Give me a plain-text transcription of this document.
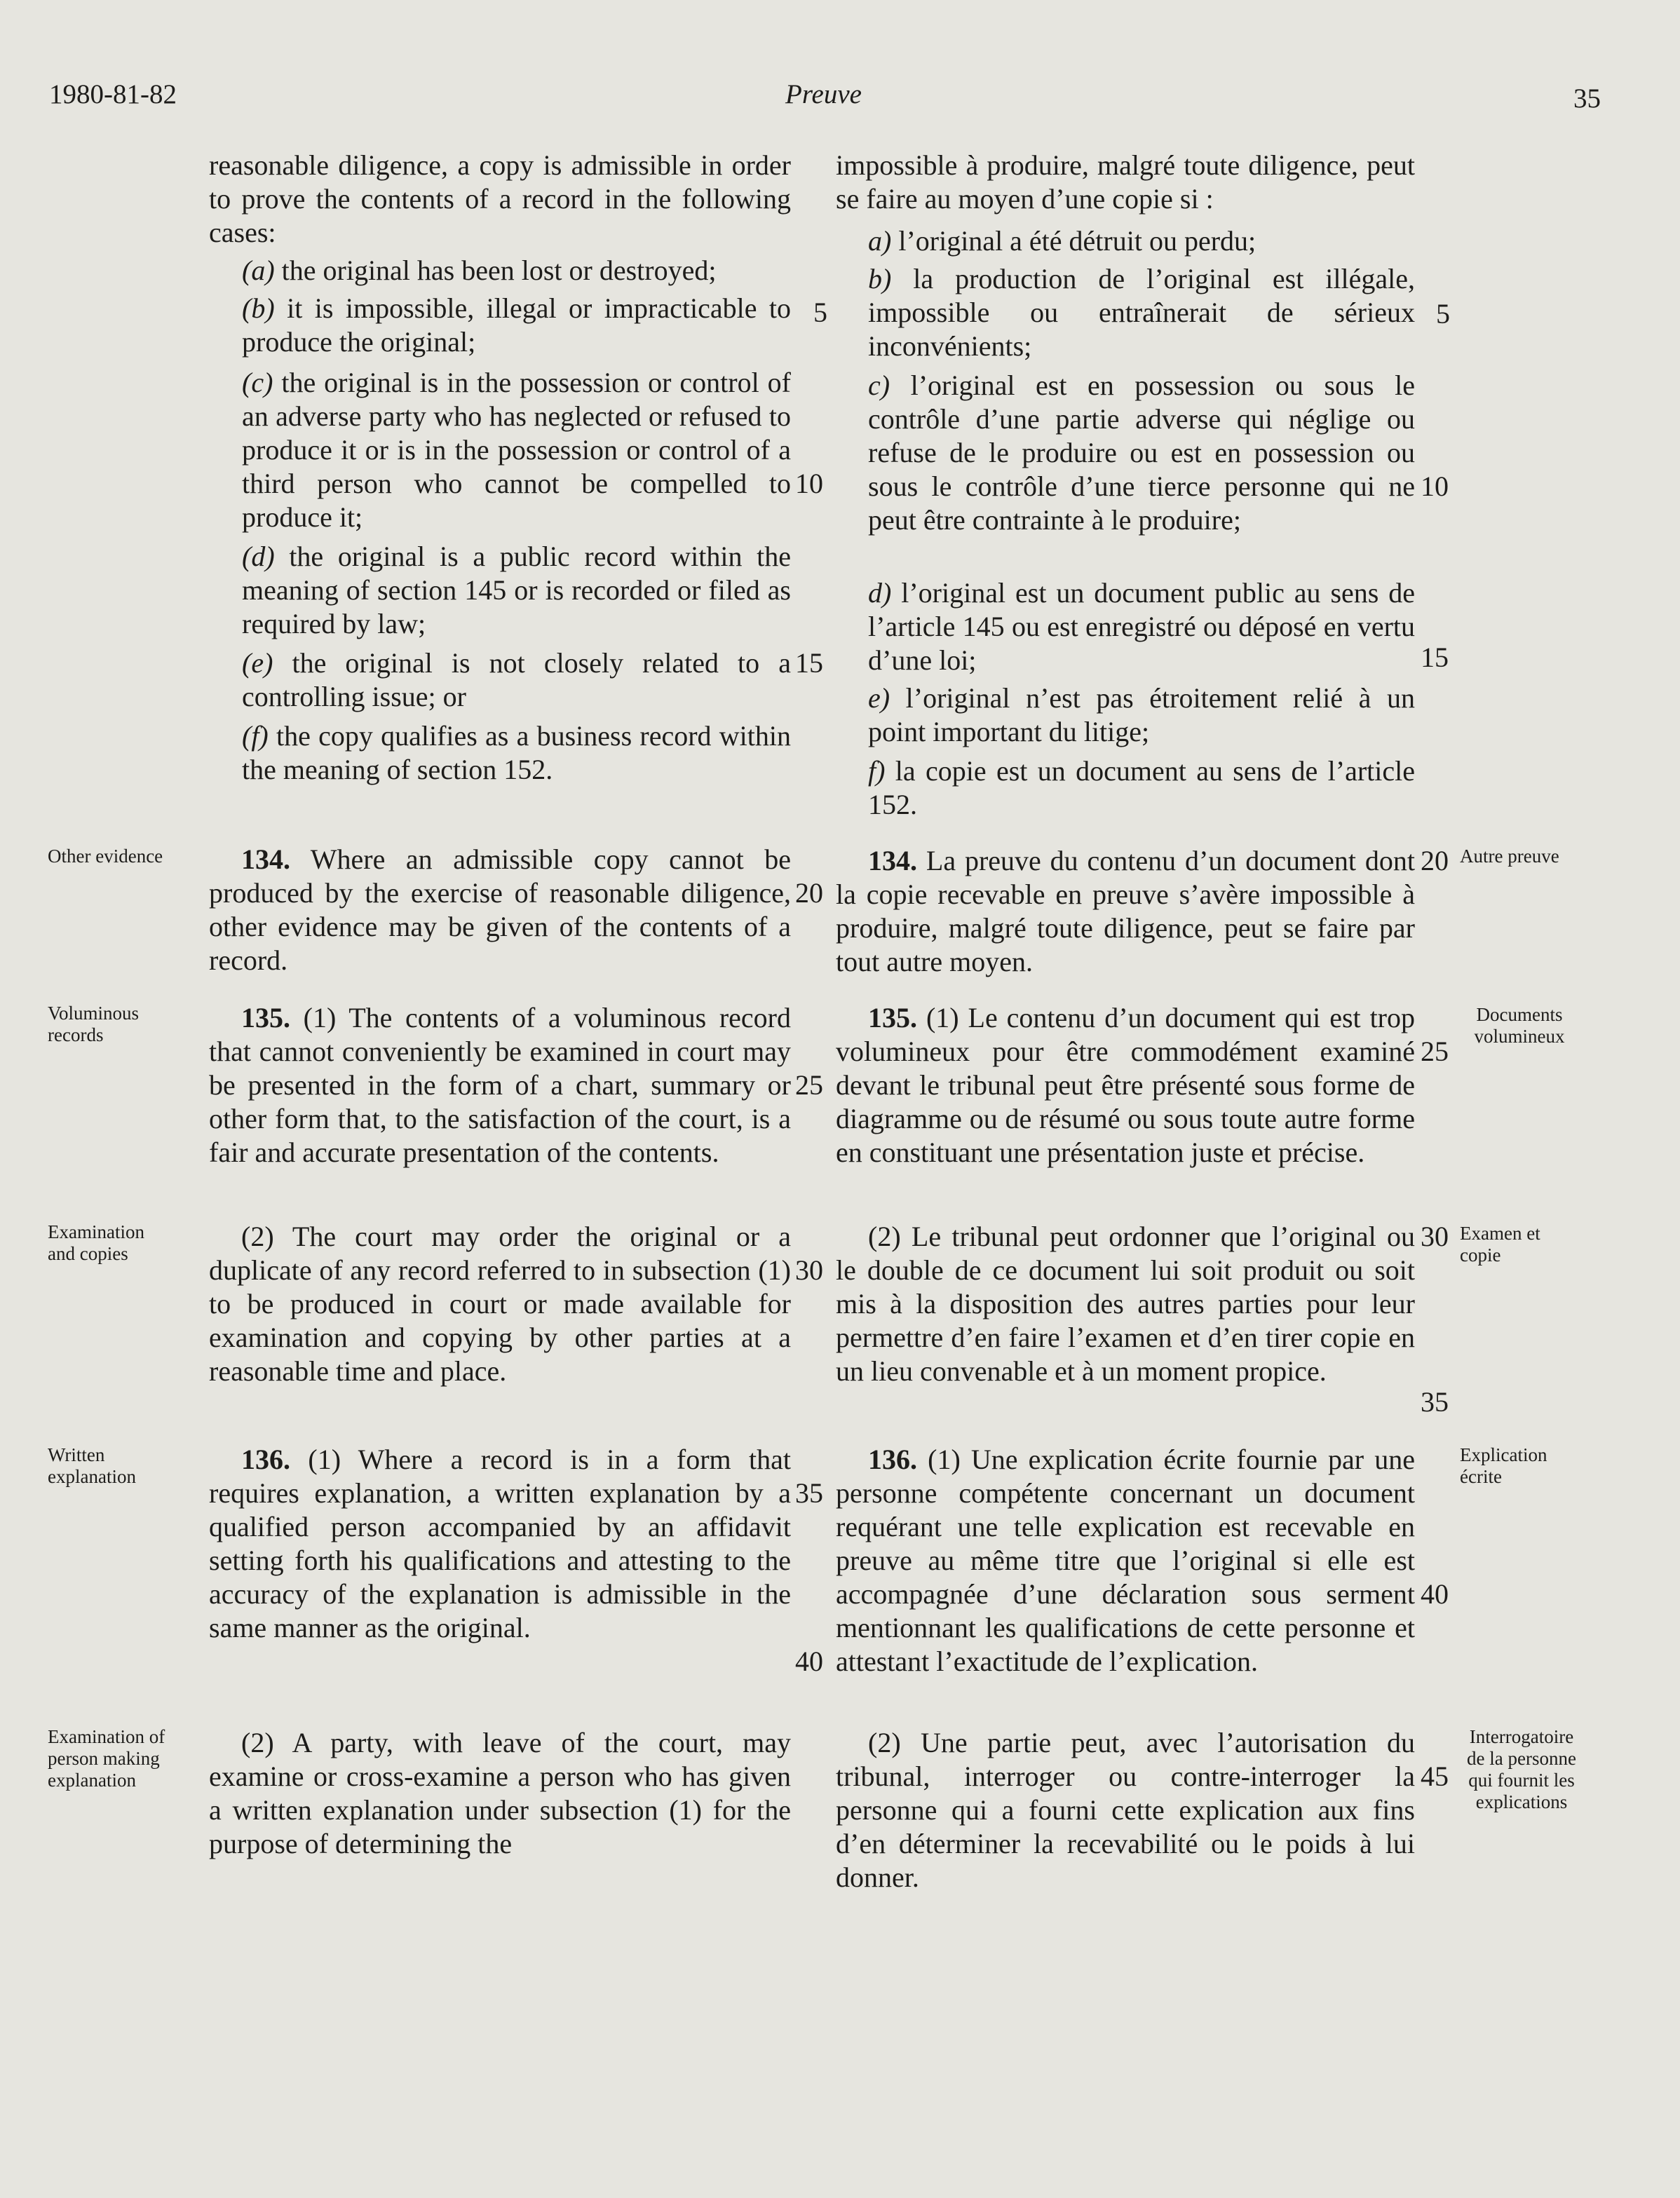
1980-81-82	Preuve	35
reasonable diligence, a copy is admissible in order to prove the contents of a record in the following cases:
(a) the original has been lost or destroyed;
(b) it is impossible, illegal or impracticable to produce the original;
(c) the original is in the possession or control of an adverse party who has neglected or refused to produce it or is in the possession or control of a third person who cannot be compelled to produce it;
(d) the original is a public record within the meaning of section 145 or is recorded or filed as required by law;
(e) the original is not closely related to a controlling issue; or
(f) the copy qualifies as a business record within the meaning of section 152.
134. Where an admissible copy cannot be produced by the exercise of reasonable diligence, other evidence may be given of the contents of a record.
135. (1) The contents of a voluminous record that cannot conveniently be examined in court may be presented in the form of a chart, summary or other form that, to the satisfaction of the court, is a fair and accurate presentation of the contents.
(2) The court may order the original or a duplicate of any record referred to in subsection (1) to be produced in court or made available for examination and copying by other parties at a reasonable time and place.
136. (1) Where a record is in a form that requires explanation, a written explanation by a qualified person accompanied by an affidavit setting forth his qualifications and attesting to the accuracy of the explanation is admissible in the same manner as the original.
(2) A party, with leave of the court, may examine or cross-examine a person who has given a written explanation under subsection (1) for the purpose of determining the
impossible à produire, malgré toute diligence, peut se faire au moyen d’une copie si :
a) l’original a été détruit ou perdu;
b) la production de l’original est illégale, impossible ou entraînerait de sérieux inconvénients;
c) l’original est en possession ou sous le contrôle d’une partie adverse qui néglige ou refuse de le produire ou est en possession ou sous le contrôle d’une tierce personne qui ne peut être contrainte à le produire;
d) l’original est un document public au sens de l’article 145 ou est enregistré ou déposé en vertu d’une loi;
e) l’original n’est pas étroitement relié à un point important du litige;
f) la copie est un document au sens de l’article 152.
134. La preuve du contenu d’un document dont la copie recevable en preuve s’avère impossible à produire, malgré toute diligence, peut se faire par tout autre moyen.
135. (1) Le contenu d’un document qui est trop volumineux pour être commodément examiné devant le tribunal peut être présenté sous forme de diagramme ou de résumé ou sous toute autre forme en constituant une présentation juste et précise.
(2) Le tribunal peut ordonner que l’original ou le double de ce document lui soit produit ou soit mis à la disposition des autres parties pour leur permettre d’en faire l’examen et d’en tirer copie en un lieu convenable et à un moment propice.
136. (1) Une explication écrite fournie par une personne compétente concernant un document requérant une telle explication est recevable en preuve au même titre que l’original si elle est accompagnée d’une déclaration sous serment mentionnant les qualifications de cette personne et attestant l’exactitude de l’explication.
(2) Une partie peut, avec l’autorisation du tribunal, interroger ou contre-interroger la personne qui a fourni cette explication aux fins d’en déterminer la recevabilité ou le poids à lui donner.
5
10
15
20
25
30
35
40
5
10
15
20
25
30
35
40
45
Other evidence
Voluminous records
Examination and copies
Written explanation
Examination of person making explanation
Autre preuve
Documents volumineux
Examen et copie
Explication écrite
Interrogatoire de la personne qui fournit les explications
